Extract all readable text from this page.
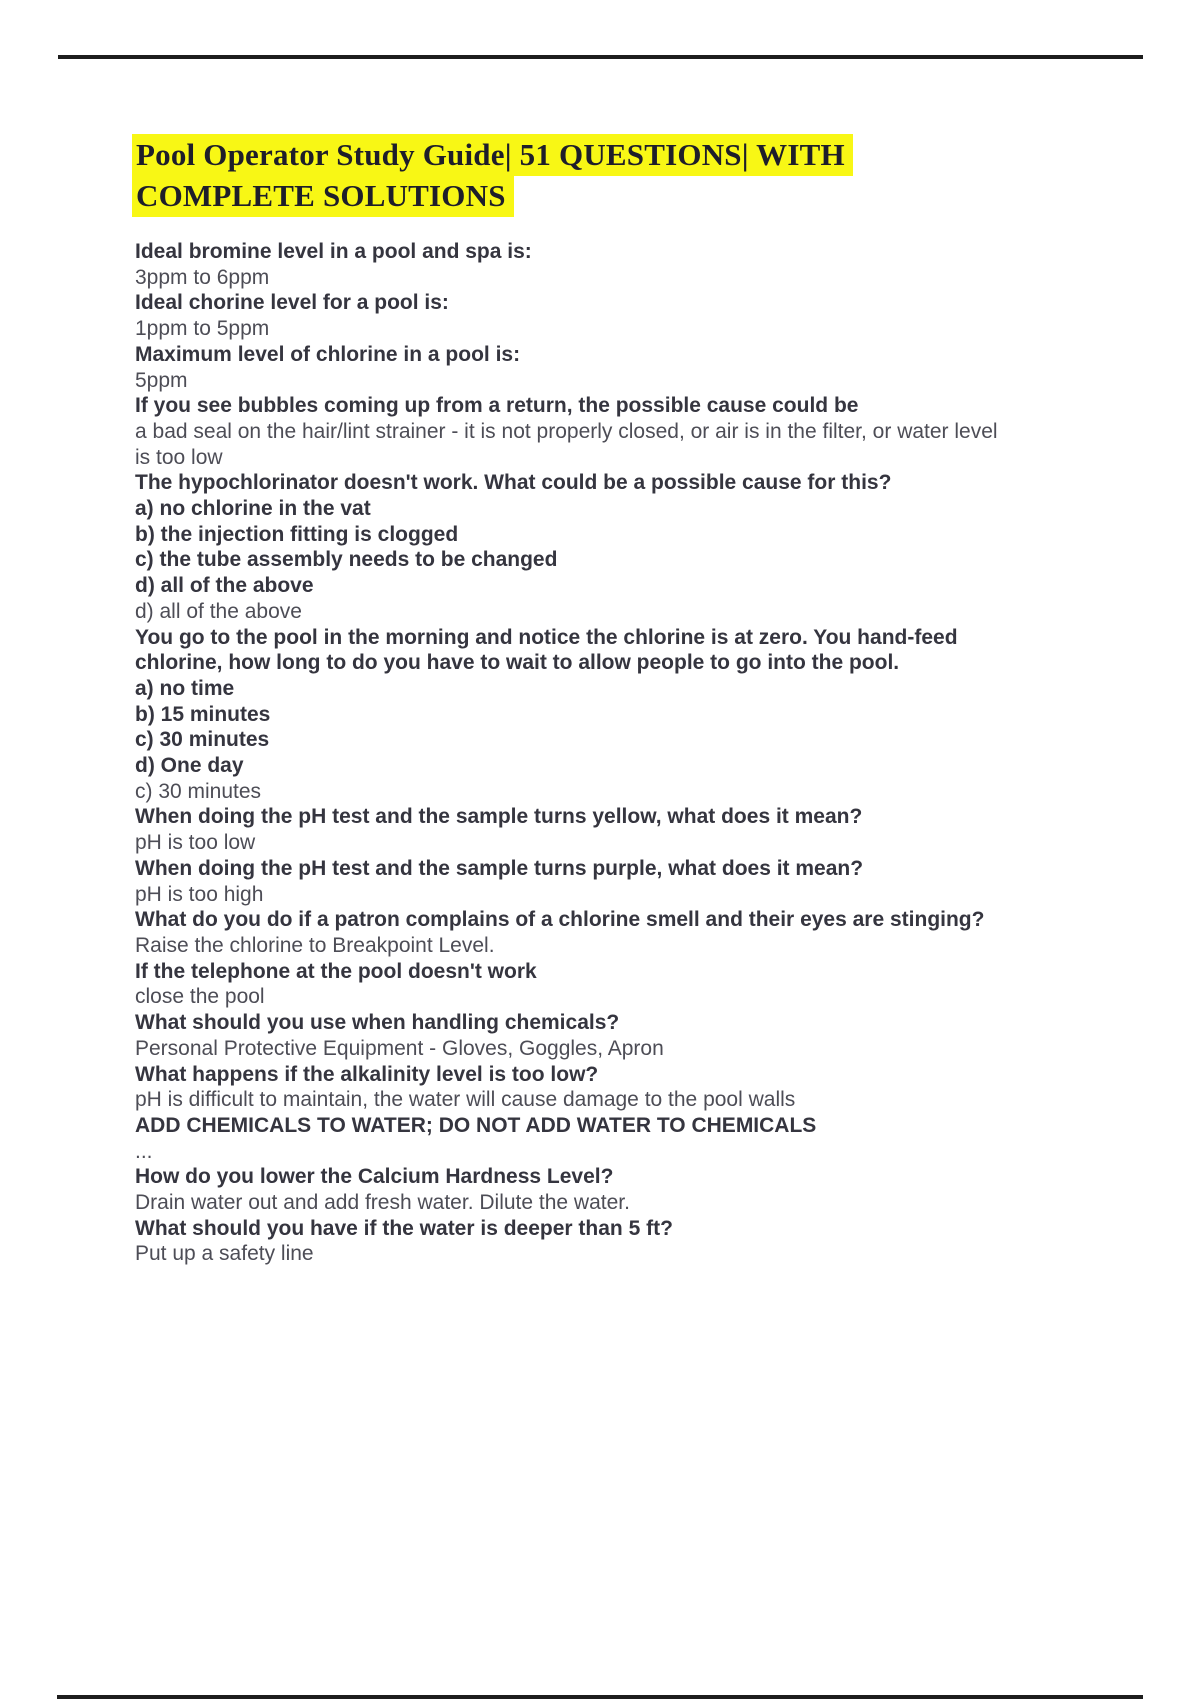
Pool Operator Study Guide| 51 QUESTIONS| WITH
COMPLETE SOLUTIONS

Ideal bromine level in a pool and spa is:

3ppm to 6ppm

Ideal chorine level for a pool is:

1ppm to 5ppm

Maximum level of chlorine in a pool is:

5ppm

If you see bubbles coming up from a return, the possible cause could be

a bad seal on the hair/lint strainer - it is not properly closed, or air is in the filter, or water level is too low

The hypochlorinator doesn't work. What could be a possible cause for this?

a) no chlorine in the vat

b) the injection fitting is clogged

c) the tube assembly needs to be changed

d) all of the above

d) all of the above

You go to the pool in the morning and notice the chlorine is at zero. You hand-feed chlorine, how long to do you have to wait to allow people to go into the pool.

a) no time

b) 15 minutes

c) 30 minutes

d) One day

c) 30 minutes

When doing the pH test and the sample turns yellow, what does it mean?

pH is too low

When doing the pH test and the sample turns purple, what does it mean?

pH is too high

What do you do if a patron complains of a chlorine smell and their eyes are stinging?

Raise the chlorine to Breakpoint Level.

If the telephone at the pool doesn't work

close the pool

What should you use when handling chemicals?

Personal Protective Equipment - Gloves, Goggles, Apron

What happens if the alkalinity level is too low?

pH is difficult to maintain, the water will cause damage to the pool walls

ADD CHEMICALS TO WATER; DO NOT ADD WATER TO CHEMICALS

...

How do you lower the Calcium Hardness Level?

Drain water out and add fresh water. Dilute the water.

What should you have if the water is deeper than 5 ft?

Put up a safety line
